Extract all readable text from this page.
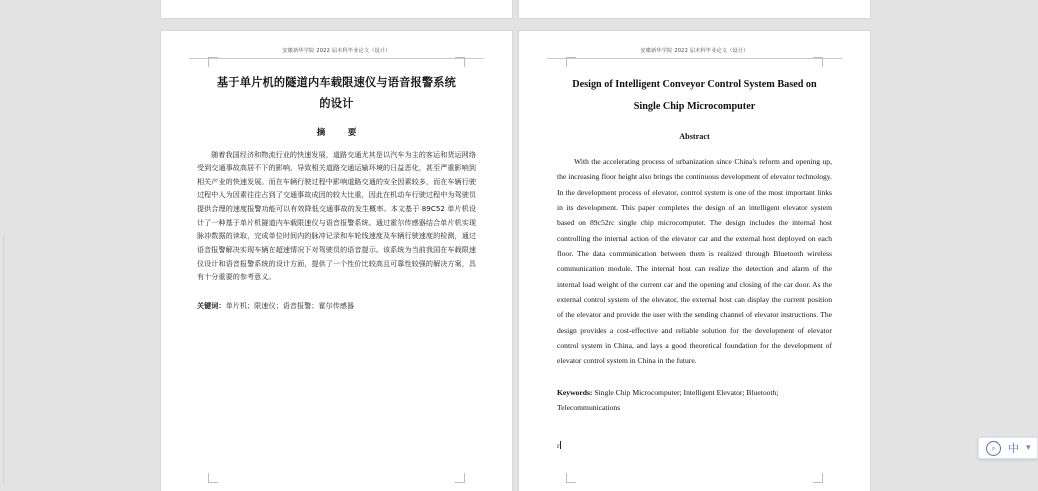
安徽新华学院 2022 届本科毕业论文（设计）
基于单片机的隧道内车载限速仪与语音报警系统
的设计
摘　要

随着我国经济和物流行业的快速发展，道路交通尤其是以汽车为主的客运和货运网络受到交通事故高居不下的影响，导致相关道路交通运输环境的日益恶化，甚至严重影响到相关产业的快速发展。而在车辆行驶过程中影响道路交通的安全因素较多，而在车辆行驶过程中人为因素往往占到了交通事故成因的较大比重，因此在机动车行驶过程中为驾驶员提供合理的速度报警功能可以有效降低交通事故的发生概率。本文基于 89C52 单片机设计了一种基于单片机隧道内车载限速仪与语音报警系统。通过霍尔传感器结合单片机实现脉冲数据的读取，完成单位时间内的脉冲记录和车轮线速度及车辆行驶速度的检测，通过语音报警解决实现车辆在超速情况下对驾驶员的语音提示。该系统为当前我国在车载限速仪设计和语音报警系统的设计方面，提供了一个性价比较高且可靠性较强的解决方案，具有十分重要的参考意义。

关键词：单片机；限速仪；语音报警；霍尔传感器

安徽新华学院 2022 届本科毕业论文（设计）
Design of Intelligent Conveyor Control System Based on
Single Chip Microcomputer
Abstract

With the accelerating process of urbanization since China's reform and opening up, the increasing floor height also brings the continuous development of elevator technology. In the development process of elevator, control system is one of the most important links in its development. This paper completes the design of an intelligent elevator system based on 89c52rc single chip microcomputer. The design includes the internal host controlling the internal action of the elevator car and the external host deployed on each floor. The data communication between them is realized through Bluetooth wireless communication module. The internal host can realize the detection and alarm of the internal load weight of the current car and the opening and closing of the car door. As the external control system of the elevator, the external host can display the current position of the elevator and provide the user with the sending channel of elevator instructions. The design provides a cost-effective and reliable solution for the development of elevator control system in China, and lays a good theoretical foundation for the development of elevator control system in China in the future.

Keywords: Single Chip Microcomputer; Intelligent Elevator; Bluetooth; Telecommunications

r	P 中 ▾
